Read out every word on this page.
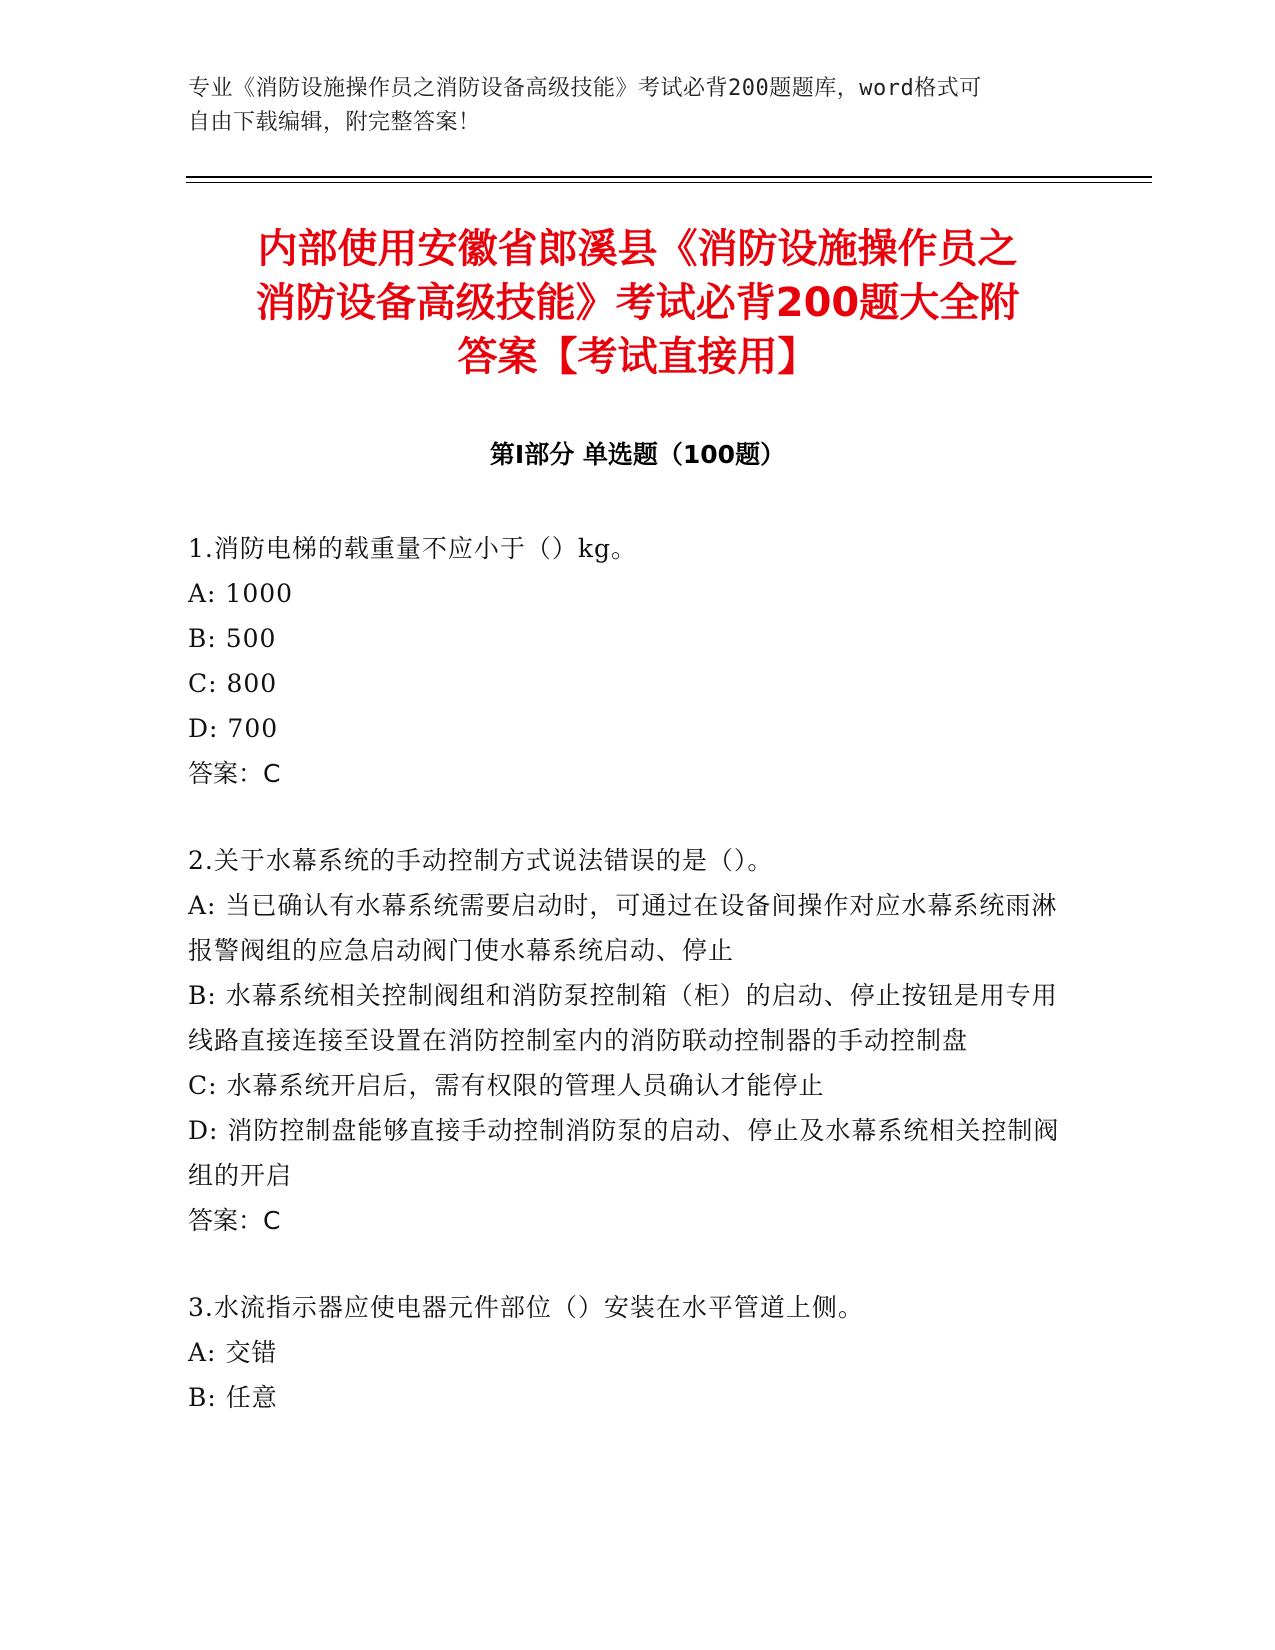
专业《消防设施操作员之消防设备高级技能》考试必背200题题库，word格式可
自由下载编辑，附完整答案！
内部使用安徽省郎溪县《消防设施操作员之
消防设备高级技能》考试必背200题大全附
答案【考试直接用】
第I部分 单选题（100题）
1.消防电梯的载重量不应小于（）kg。
A: 1000
B: 500
C: 800
D: 700
答案：C
2.关于水幕系统的手动控制方式说法错误的是（）。
A: 当已确认有水幕系统需要启动时，可通过在设备间操作对应水幕系统雨淋报警阀组的应急启动阀门使水幕系统启动、停止
B: 水幕系统相关控制阀组和消防泵控制箱（柜）的启动、停止按钮是用专用线路直接连接至设置在消防控制室内的消防联动控制器的手动控制盘
C: 水幕系统开启后，需有权限的管理人员确认才能停止
D: 消防控制盘能够直接手动控制消防泵的启动、停止及水幕系统相关控制阀组的开启
答案：C
3.水流指示器应使电器元件部位（）安装在水平管道上侧。
A: 交错
B: 任意
